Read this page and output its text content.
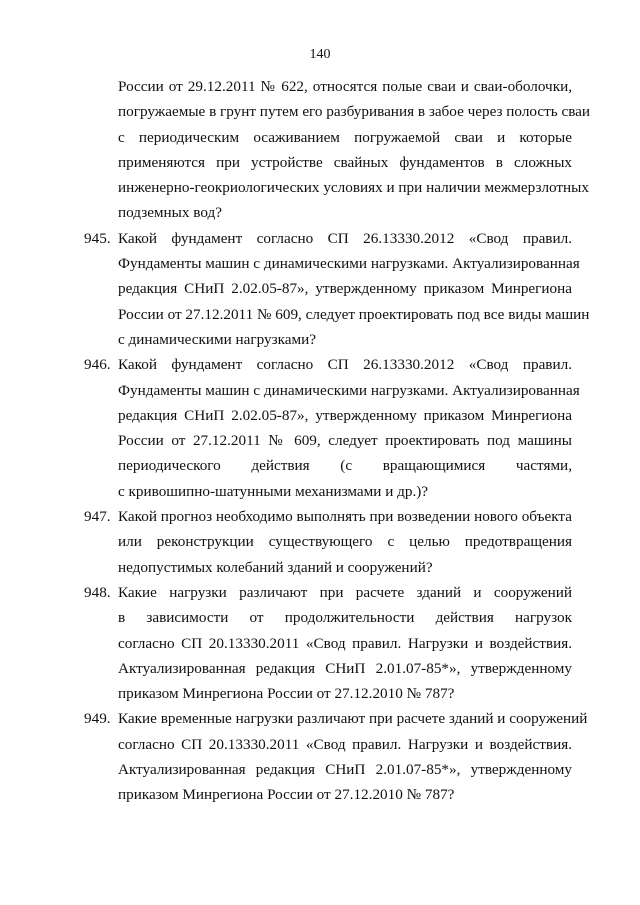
140
России от 29.12.2011 № 622, относятся полые сваи и сваи-оболочки,
погружаемые в грунт путем его разбуривания в забое через полость сваи
с периодическим осаживанием погружаемой сваи и которые
применяются при устройстве свайных фундаментов в сложных
инженерно-геокриологических условиях и при наличии межмерзлотных
подземных вод?
945. Какой фундамент согласно СП 26.13330.2012 «Свод правил.
Фундаменты машин с динамическими нагрузками. Актуализированная
редакция СНиП 2.02.05-87», утвержденному приказом Минрегиона
России от 27.12.2011 № 609, следует проектировать под все виды машин
с динамическими нагрузками?
946. Какой фундамент согласно СП 26.13330.2012 «Свод правил.
Фундаменты машин с динамическими нагрузками. Актуализированная
редакция СНиП 2.02.05-87», утвержденному приказом Минрегиона
России от 27.12.2011 № 609, следует проектировать под машины
периодического действия (с вращающимися частями,
с кривошипно-шатунными механизмами и др.)?
947. Какой прогноз необходимо выполнять при возведении нового объекта
или реконструкции существующего с целью предотвращения
недопустимых колебаний зданий и сооружений?
948. Какие нагрузки различают при расчете зданий и сооружений
в зависимости от продолжительности действия нагрузок
согласно СП 20.13330.2011 «Свод правил. Нагрузки и воздействия.
Актуализированная редакция СНиП 2.01.07-85*», утвержденному
приказом Минрегиона России от 27.12.2010 № 787?
949. Какие временные нагрузки различают при расчете зданий и сооружений
согласно СП 20.13330.2011 «Свод правил. Нагрузки и воздействия.
Актуализированная редакция СНиП 2.01.07-85*», утвержденному
приказом Минрегиона России от 27.12.2010 № 787?
